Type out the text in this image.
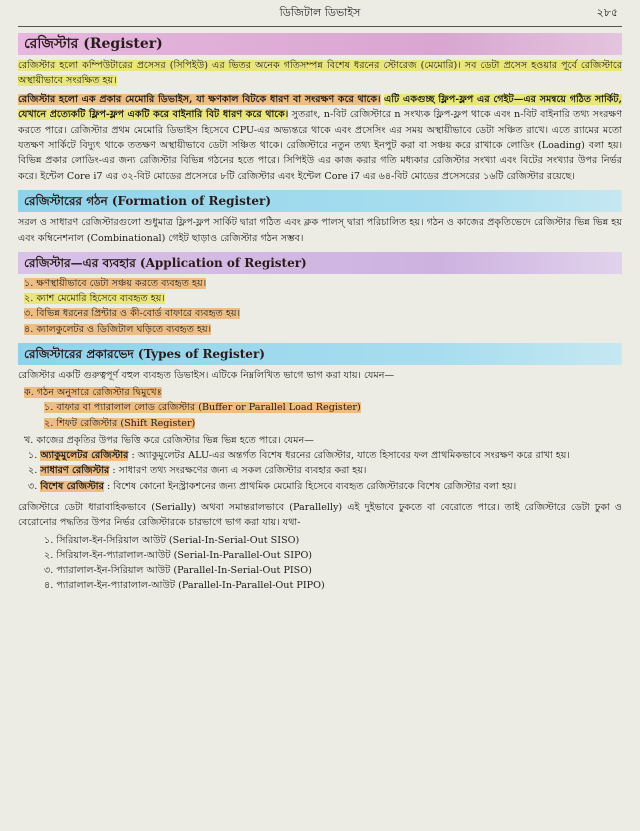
ডিজিটাল ডিভাইস	২৮৫
রেজিস্টার (Register)

রেজিস্টার হলো কম্পিউটারের প্রসেসর (সিপিইউ) এর ভিতর অনেক গতিসম্পন্ন বিশেষ ধরনের স্টোরেজ (মেমোরি)। সব ডেটা প্রসেস হওয়ার পূর্বে রেজিস্টারে অস্থায়ীভাবে সংরক্ষিত হয়।

রেজিস্টার হলো এক প্রকার মেমোরি ডিভাইস, যা ক্ষণকাল বিটকে ধারণ বা সংরক্ষণ করে থাকে। এটি একগুচ্ছ ফ্লিপ-ফ্লপ এর গেইট—এর সমন্বয়ে গঠিত সার্কিট, যেখানে প্রত্যেকটি ফ্লিপ-ফ্লপ একটি করে বাইনারি বিট ধারণ করে থাকে। সুতরাং, n-বিট রেজিস্টারে n সংখ্যক ফ্লিপ-ফ্লপ থাকে এবং n-বিট বাইনারি তথ্য সংরক্ষণ করতে পারে। রেজিস্টার প্রথম মেমোরি ডিভাইস হিসেবে CPU-এর অভ্যন্তরে থাকে এবং প্রসেসিং এর সময় অস্থায়ীভাবে ডেটা সঞ্চিত রাখে। এতে র‍্যামের মতো যতক্ষণ সার্কিটে বিদ্যুৎ থাকে ততক্ষণ অস্থায়ীভাবে ডেটা সঞ্চিত থাকে। রেজিস্টারে নতুন তথ্য ইনপুট করা বা সঞ্চয় করে রাখাকে লোডিং (Loading) বলা হয়। বিভিন্ন প্রকার লোডিং-এর জন্য রেজিস্টার বিভিন্ন গঠনের হতে পারে। সিপিইউ এর কাজ করার গতি মধ্যকার রেজিস্টার সংখ্যা এবং বিটের সংখ্যার উপর নির্ভর করে। ইন্টেল Core i7 এর ৩২-বিট মোডের প্রসেসরে ৮টি রেজিস্টার এবং ইন্টেল Core i7 এর ৬৪-বিট মোডের প্রসেসরের ১৬টি রেজিস্টার রয়েছে।

রেজিস্টারের গঠন (Formation of Register)

সরল ও সাধারণ রেজিস্টারগুলো শুধুমাত্র ফ্লিপ-ফ্লপ সার্কিট দ্বারা গঠিত এবং ক্লক পালস্ দ্বারা পরিচালিত হয়। গঠন ও কাজের প্রকৃতিভেদে রেজিস্টার ভিন্ন ভিন্ন হয় এবং কম্বিনেশনাল (Combinational) গেইট ছাড়াও রেজিস্টার গঠন সম্ভব।

রেজিস্টার—এর ব্যবহার (Application of Register)
১. ক্ষণস্থায়ীভাবে ডেটা সঞ্চয় করতে ব্যবহৃত হয়।
২. ক্যাশ মেমোরি হিসেবে ব্যবহৃত হয়।
৩. বিভিন্ন ধরনের প্রিন্টার ও কী-বোর্ড বাফারে ব্যবহৃত হয়।
৪. ক্যালকুলেটর ও ডিজিটাল ঘড়িতে ব্যবহৃত হয়।
রেজিস্টারের প্রকারভেদ (Types of Register)

রেজিস্টার একটি গুরুত্বপূর্ণ বহুল ব্যবহৃত ডিভাইস। এটিকে নিম্নলিখিত ভাগে ভাগ করা যায়। যেমন—

ক. গঠন অনুসারে রেজিস্টার দ্বিমুখেঃ
১. বাফার বা প্যারালাল লোড রেজিস্টার (Buffer or Parallel Load Register)
২. শিফট রেজিস্টার (Shift Register)
খ. কাজের প্রকৃতির উপর ভিত্তি করে রেজিস্টার ভিন্ন ভিন্ন হতে পারে। যেমন—
১. অ্যাকুমুলেটর রেজিস্টার : অ্যাকুমুলেটর ALU-এর অন্তর্গত বিশেষ ধরনের রেজিস্টার, যাতে হিসাবের ফল প্রাথমিকভাবে সংরক্ষণ করে রাখা হয়।
২. সাধারণ রেজিস্টার : সাধারণ তথ্য সংরক্ষণের জন্য এ সকল রেজিস্টার ব্যবহার করা হয়।
৩. বিশেষ রেজিস্টার : বিশেষ কোনো ইনস্ট্রাকশনের জন্য প্রাথমিক মেমোরি হিসেবে ব্যবহৃত রেজিস্টারকে বিশেষ রেজিস্টার বলা হয়।

রেজিস্টারে ডেটা ধারাবাহিকভাবে (Serially) অথবা সমান্তরালভাবে (Parallelly) এই দুইভাবে ঢুকতে বা বেরোতে পারে। তাই রেজিস্টারে ডেটা ঢুকা ও বেরোনোর পদ্ধতির উপর নির্ভর রেজিস্টারকে চারভাগে ভাগ করা যায়। যথা-

১. সিরিয়াল-ইন-সিরিয়াল আউট (Serial-In-Serial-Out SISO)
২. সিরিয়াল-ইন-প্যারালাল-আউট (Serial-In-Parallel-Out SIPO)
৩. প্যারালাল-ইন-সিরিয়াল আউট (Parallel-In-Serial-Out PISO)
৪. প্যারালাল-ইন-প্যারালাল-আউট (Parallel-In-Parallel-Out PIPO)
